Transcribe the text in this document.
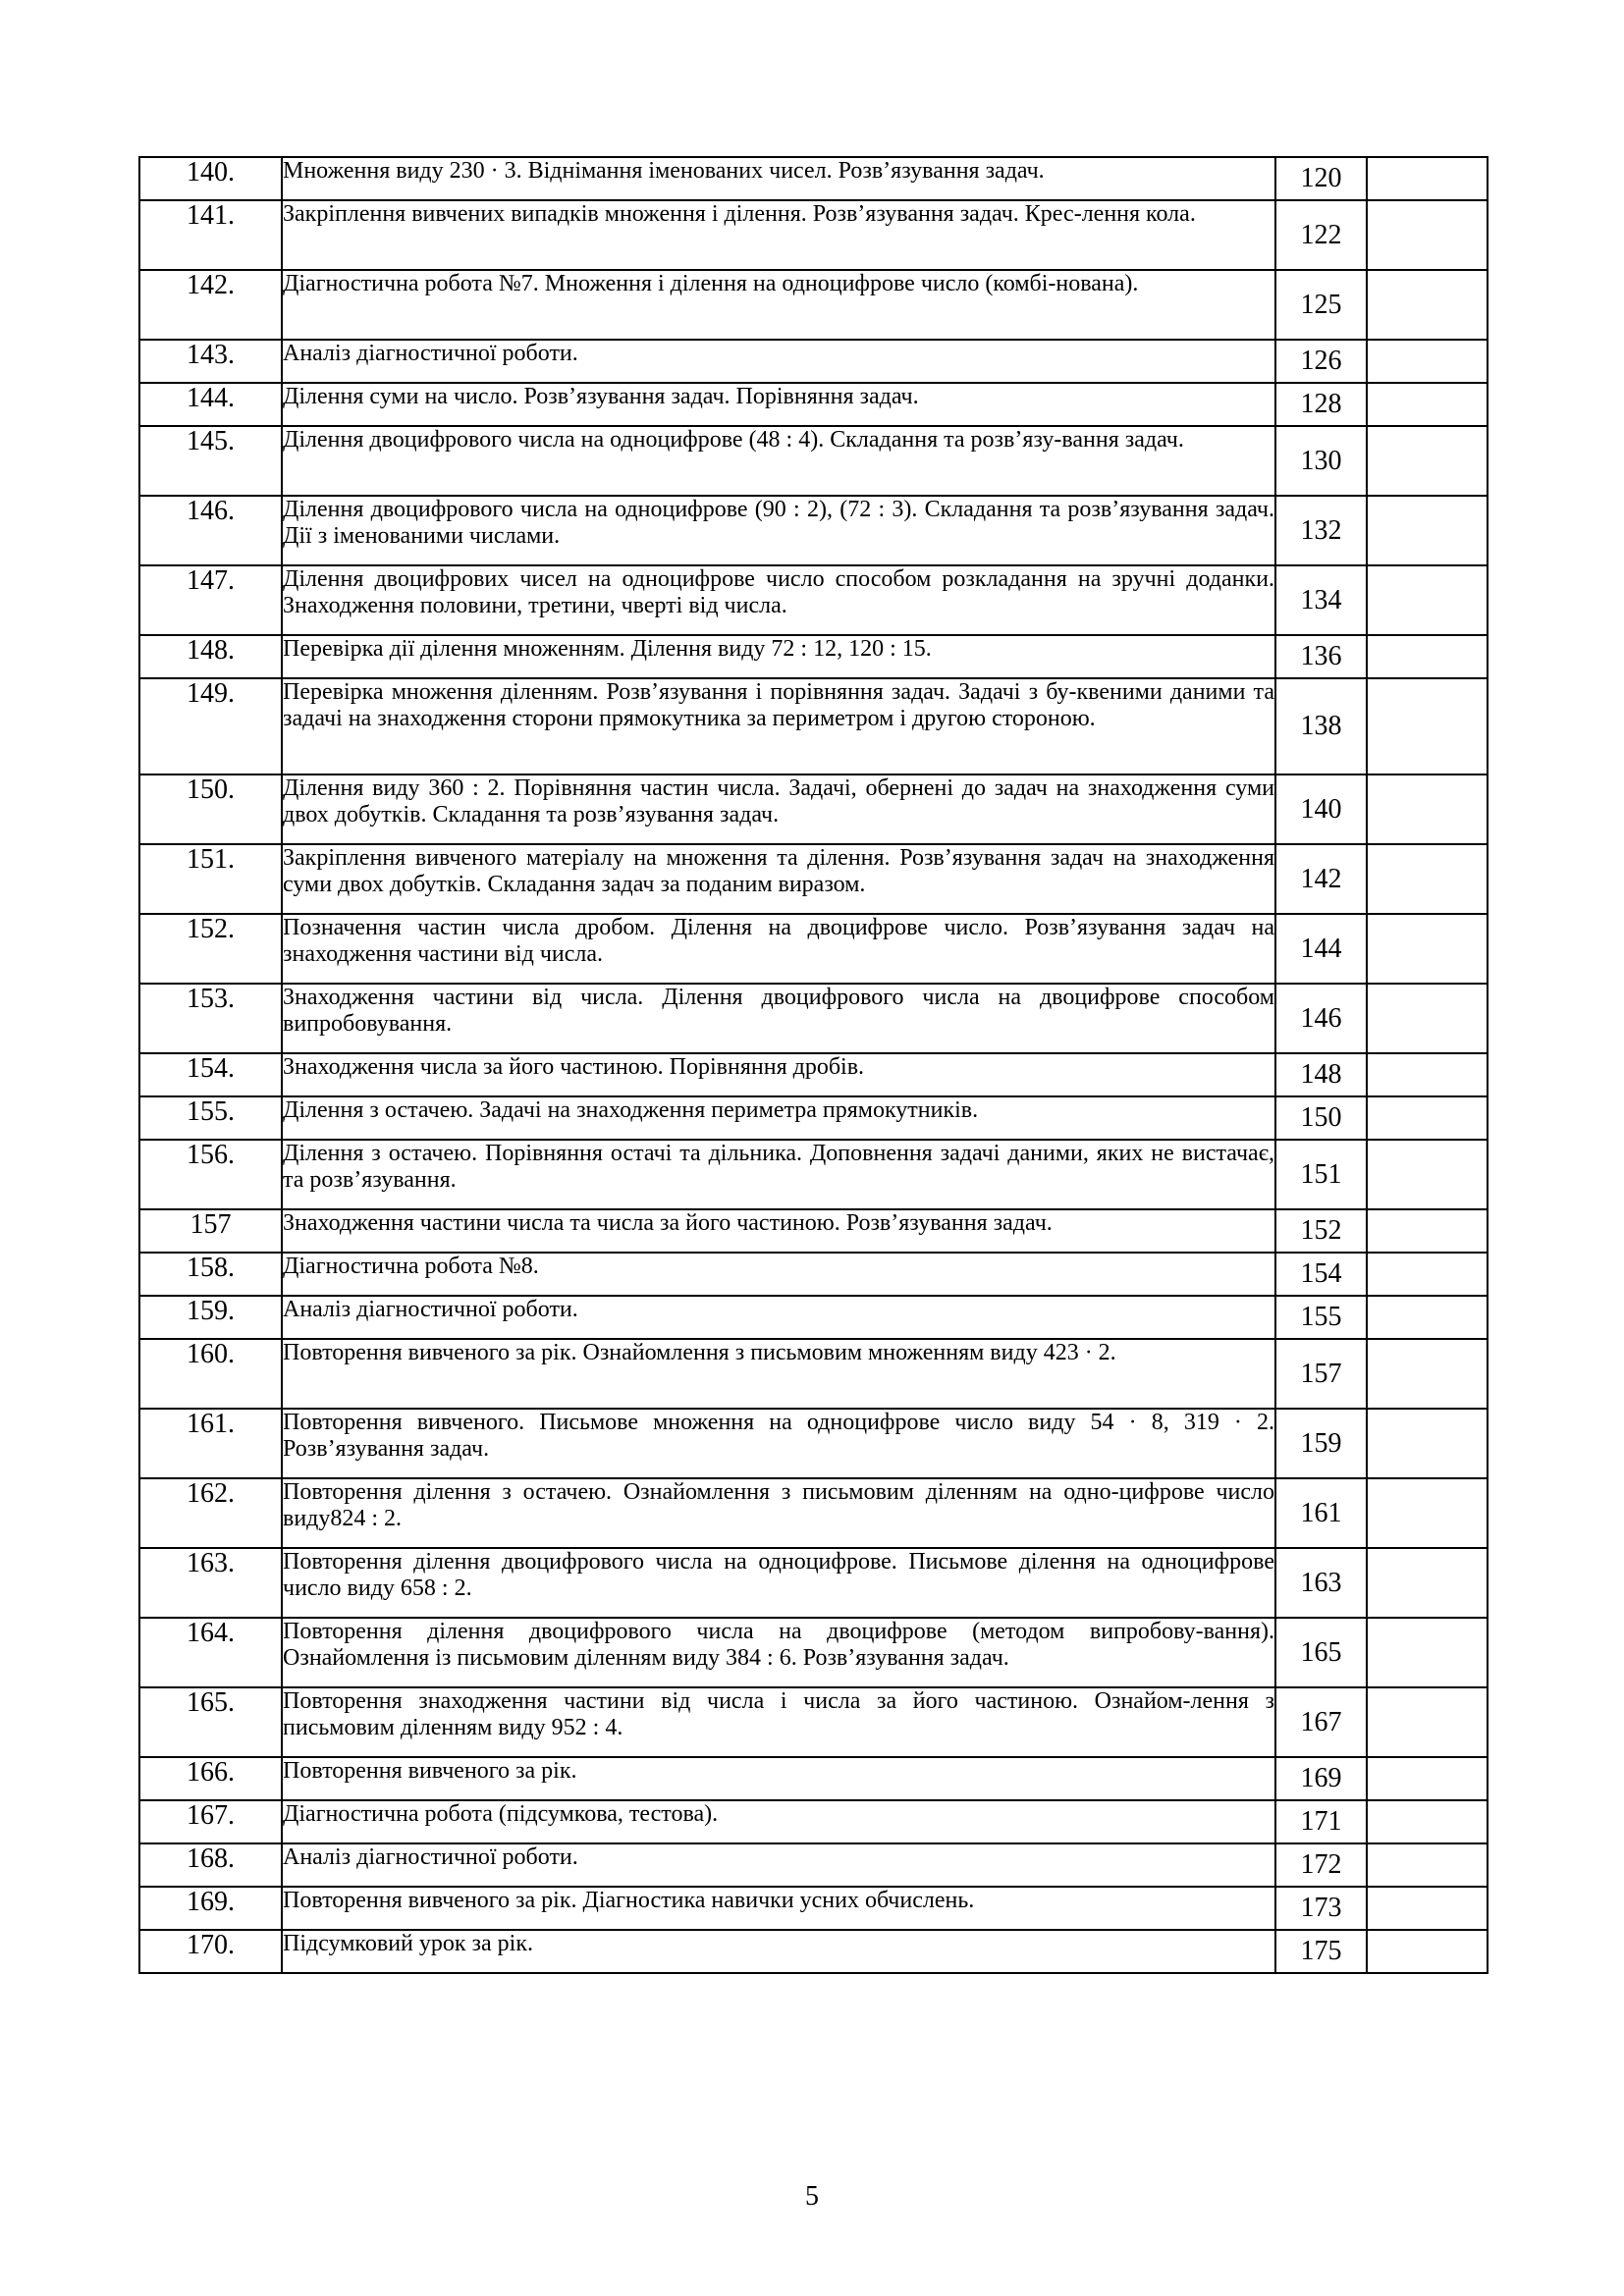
140.	Множення виду 230 · 3. Віднімання іменованих чисел. Розв’язування задач.	120	
141.	Закріплення вивчених випадків множення і ділення. Розв’язування задач. Крес-лення кола.	122	
142.	Діагностична робота №7. Множення і ділення на одноцифрове число (комбі-нована).	125	
143.	Аналіз діагностичної роботи.	126	
144.	Ділення суми на число. Розв’язування задач. Порівняння задач.	128	
145.	Ділення двоцифрового числа на одноцифрове (48 : 4). Складання та розв’язу-вання задач.	130	
146.	Ділення двоцифрового числа на одноцифрове (90 : 2), (72 : 3). Складання та розв’язування задач. Дії з іменованими числами.	132	
147.	Ділення двоцифрових чисел на одноцифрове число способом розкладання на зручні доданки. Знаходження половини, третини, чверті від числа.	134	
148.	Перевірка дії ділення множенням. Ділення виду 72 : 12, 120 : 15.	136	
149.	Перевірка множення діленням. Розв’язування і порівняння задач. Задачі з бу-квеними даними та задачі на знаходження сторони прямокутника за периметром і другою стороною.	138	
150.	Ділення виду 360 : 2. Порівняння частин числа. Задачі, обернені до задач на знаходження суми двох добутків. Складання та розв’язування задач.	140	
151.	Закріплення вивченого матеріалу на множення та ділення. Розв’язування задач на знаходження суми двох добутків. Складання задач за поданим виразом.	142	
152.	Позначення частин числа дробом. Ділення на двоцифрове число. Розв’язування задач на знаходження частини від числа.	144	
153.	Знаходження частини від числа. Ділення двоцифрового числа на двоцифрове способом випробовування.	146	
154.	Знаходження числа за його частиною. Порівняння дробів.	148	
155.	Ділення з остачею. Задачі на знаходження периметра прямокутників.	150	
156.	Ділення з остачею. Порівняння остачі та дільника. Доповнення задачі даними, яких не вистачає, та розв’язування.	151	
157	Знаходження частини числа та числа за його частиною. Розв’язування задач.	152	
158.	Діагностична робота №8.	154	
159.	Аналіз діагностичної роботи.	155	
160.	Повторення вивченого за рік. Ознайомлення з письмовим множенням виду 423 · 2.	157	
161.	Повторення вивченого. Письмове множення на одноцифрове число виду 54 · 8, 319 · 2. Розв’язування задач.	159	
162.	Повторення ділення з остачею. Ознайомлення з письмовим діленням на одно-цифрове число виду824 : 2.	161	
163.	Повторення ділення двоцифрового числа на одноцифрове. Письмове ділення на одноцифрове число виду 658 : 2.	163	
164.	Повторення ділення двоцифрового числа на двоцифрове (методом випробову-вання). Ознайомлення із письмовим діленням виду 384 : 6. Розв’язування задач.	165	
165.	Повторення знаходження частини від числа і числа за його частиною. Ознайом-лення з письмовим діленням виду 952 : 4.	167	
166.	Повторення вивченого за рік.	169	
167.	Діагностична робота (підсумкова, тестова).	171	
168.	Аналіз діагностичної роботи.	172	
169.	Повторення вивченого за рік. Діагностика навички усних обчислень.	173	
170.	Підсумковий урок за рік.	175	
5
